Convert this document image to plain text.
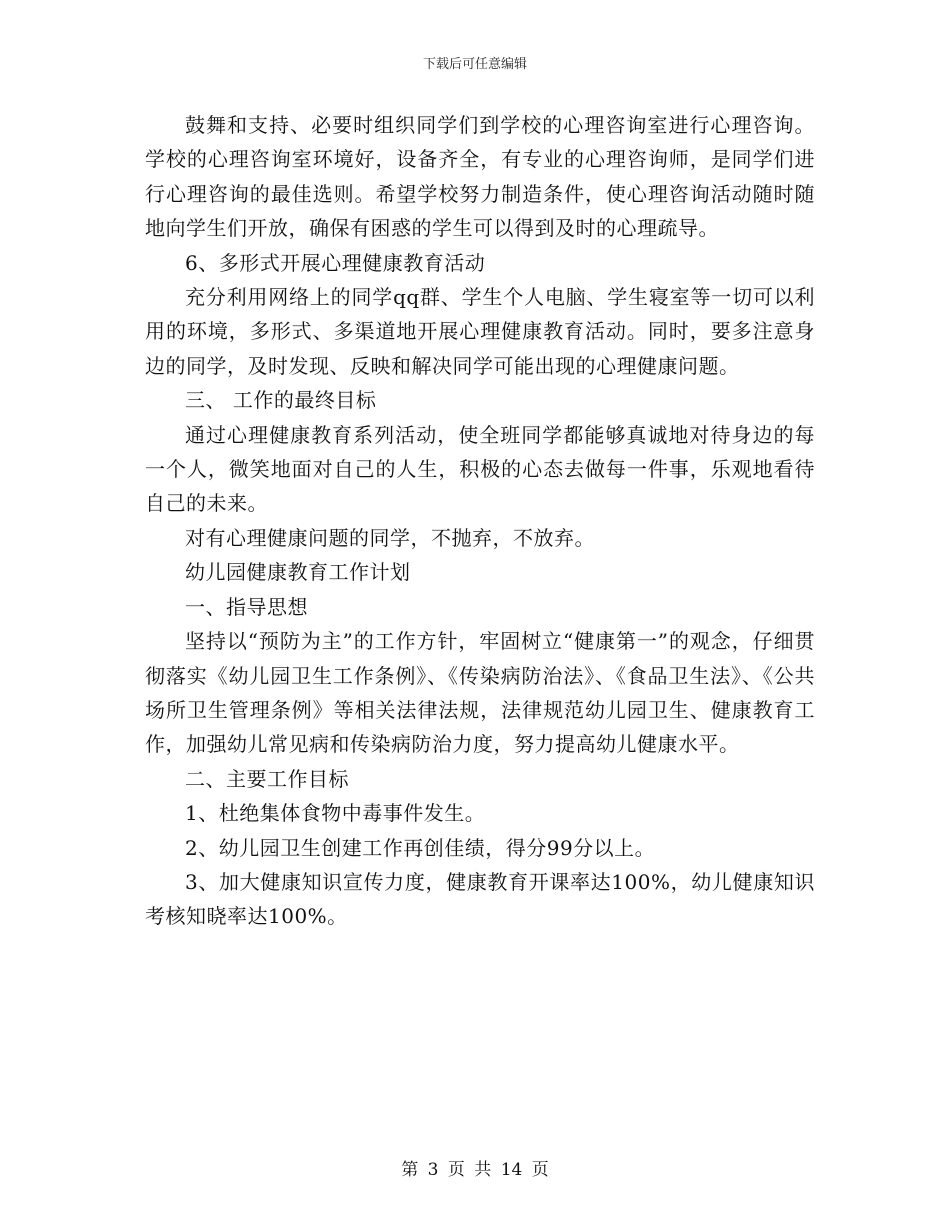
下载后可任意编辑

鼓舞和支持、必要时组织同学们到学校的心理咨询室进行心理咨询。学校的心理咨询室环境好，设备齐全，有专业的心理咨询师，是同学们进行心理咨询的最佳选则。希望学校努力制造条件，使心理咨询活动随时随地向学生们开放，确保有困惑的学生可以得到及时的心理疏导。

6、多形式开展心理健康教育活动

充分利用网络上的同学qq群、学生个人电脑、学生寝室等一切可以利用的环境，多形式、多渠道地开展心理健康教育活动。同时，要多注意身边的同学，及时发现、反映和解决同学可能出现的心理健康问题。

三、 工作的最终目标

通过心理健康教育系列活动，使全班同学都能够真诚地对待身边的每一个人，微笑地面对自己的人生，积极的心态去做每一件事，乐观地看待自己的未来。

对有心理健康问题的同学，不抛弃，不放弃。

幼儿园健康教育工作计划

一、指导思想

坚持以“预防为主”的工作方针，牢固树立“健康第一”的观念，仔细贯彻落实《幼儿园卫生工作条例》、《传染病防治法》、《食品卫生法》、《公共场所卫生管理条例》等相关法律法规，法律规范幼儿园卫生、健康教育工作，加强幼儿常见病和传染病防治力度，努力提高幼儿健康水平。

二、主要工作目标

1、杜绝集体食物中毒事件发生。

2、幼儿园卫生创建工作再创佳绩，得分99分以上。

3、加大健康知识宣传力度，健康教育开课率达100%，幼儿健康知识考核知晓率达100%。

第 3 页 共 14 页
